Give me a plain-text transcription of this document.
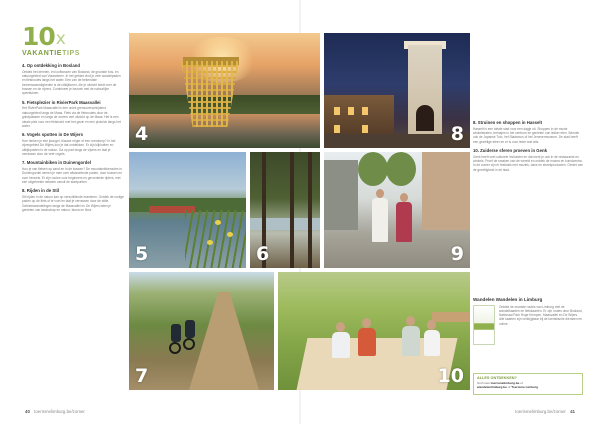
10 x
VAKANTIETIPS
4. Op ontdekking in Bosland
Ontdek het dennen- en loofbossen van Bosland, de grootste bos- en natuurgebied van Vlaanderen. In het gebied vind je vele wandelpaden en fietsroutes langs het water. Een van de bekendste bezienswaardigheden is de uitkijktoren, die je uitzicht biedt over de bossen en de vijvers. Combineer je bezoek met de natuurlijke speeltuinen.
5. Fietsplezier in RivierPark Maasvallei
Het RivierPark Maasvallei is een uniek grensoverschrijdend natuurgebied langs de Maas. Fiets via de fietsroutes door de grindplassen en langs de oevers met uitzicht op de Maas. Het is een ideale plek voor een fietstocht met het gezin en een picknick langs het water.
6. Vogels spotten in De Wijers
Hoe herken je een ijsvogel, blauwe reiger of een roerdomp? In het vijvergebied De Wijers kun je dat ontdekken. Er zijn kijkhutten en uitkijkposten in de natuur. Ga op pad langs de vijvers en laat je verrassen door de vele vogels.
7. Mountainbiken in Duinengordel
Hou je van fietsen op zand en in de bossen? De mountainbikeroutes in Duinengordel nemen je mee over afwisselende paden, door bossen en over heuvels. Er zijn routes voor beginners en gevorderde rijders, met een uitgebreide netwerk vanuit de startpunten.
8. Rijden in de Stil
Stil rijden in de natuur kan op verschillende manieren. Ontdek de rustige paden op de fiets of te voet en laat je verrassen door de stilte. Gebiedswandelingen langs de Maasvallei en De Wijers laten je genieten van landschap en natuur, fauna en flora.
4	8
5	6	9
7	10
8. Struinen en shoppen in Hasselt
Hasselt is een ideale stad voor een dagje uit. Shoppen in de mooie winkelstraten, terrasjes in het centrum en genieten van lekker eten. Bezoek ook de Japanse Tuin, het Stadsmus of het Jenevermuseum. De stad heeft een gezellige sfeer en er is voor ieder wat wils.
10. Zuiderse sferen proeven in Genk
Genk heeft veel culturele invloeden en dat merk je ook in de restaurants en winkels. Proef de smaken van de wereld en ontdek de musea en kunstcentra. In de zomer zijn er festivals met muziek, dans en streekproducten. Geniet van de gezelligheid in de stad.
Wandelen Wandelen in Limburg
Ontdek de mooiste routes van Limburg met de wandelkaarten en fietskaarten. Er zijn routes door Bosland, Nationaal Park Hoge Kempen, Maasvallei en De Wijers. Alle kaarten zijn verkrijgbaar bij de toeristische diensten en online.
ALLES ONTDEKKEN?
Surf naar toerismelimburg.be of
wandelenlimburg.be of Toerisme Limburg
40 toerismelimburg.be/zomer	toerismelimburg.be/zomer 41
